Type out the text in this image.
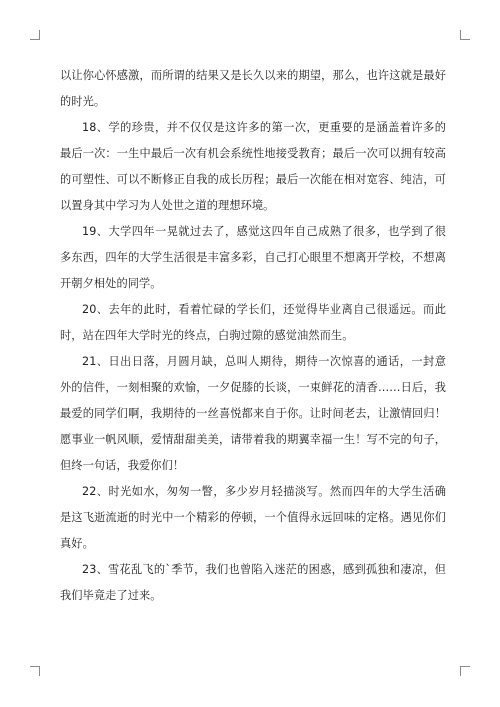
以让你心怀感激，而所谓的结果又是长久以来的期望，那么，也许这就是最好的时光。

18、学的珍贵，并不仅仅是这许多的第一次，更重要的是涵盖着许多的最后一次：一生中最后一次有机会系统性地接受教育；最后一次可以拥有较高的可塑性、可以不断修正自我的成长历程；最后一次能在相对宽容、纯洁，可以置身其中学习为人处世之道的理想环境。

19、大学四年一晃就过去了，感觉这四年自己成熟了很多，也学到了很多东西，四年的大学生活很是丰富多彩，自己打心眼里不想离开学校，不想离开朝夕相处的同学。

20、去年的此时，看着忙碌的学长们，还觉得毕业离自己很遥远。而此时，站在四年大学时光的终点，白驹过隙的感觉油然而生。

21、日出日落，月圆月缺，总叫人期待，期待一次惊喜的通话，一封意外的信件，一刻相聚的欢愉，一夕促膝的长谈，一束鲜花的清香……日后，我最爱的同学们啊，我期待的一丝喜悦都来自于你。让时间老去，让激情回归！愿事业一帆风顺，爱情甜甜美美，请带着我的期翼幸福一生！写不完的句子，但终一句话，我爱你们！

22、时光如水，匆匆一瞥，多少岁月轻描淡写。然而四年的大学生活确是这飞逝流逝的时光中一个精彩的停顿，一个值得永远回味的定格。遇见你们真好。

23、雪花乱飞的`季节，我们也曾陷入迷茫的困惑，感到孤独和凄凉，但我们毕竟走了过来。
